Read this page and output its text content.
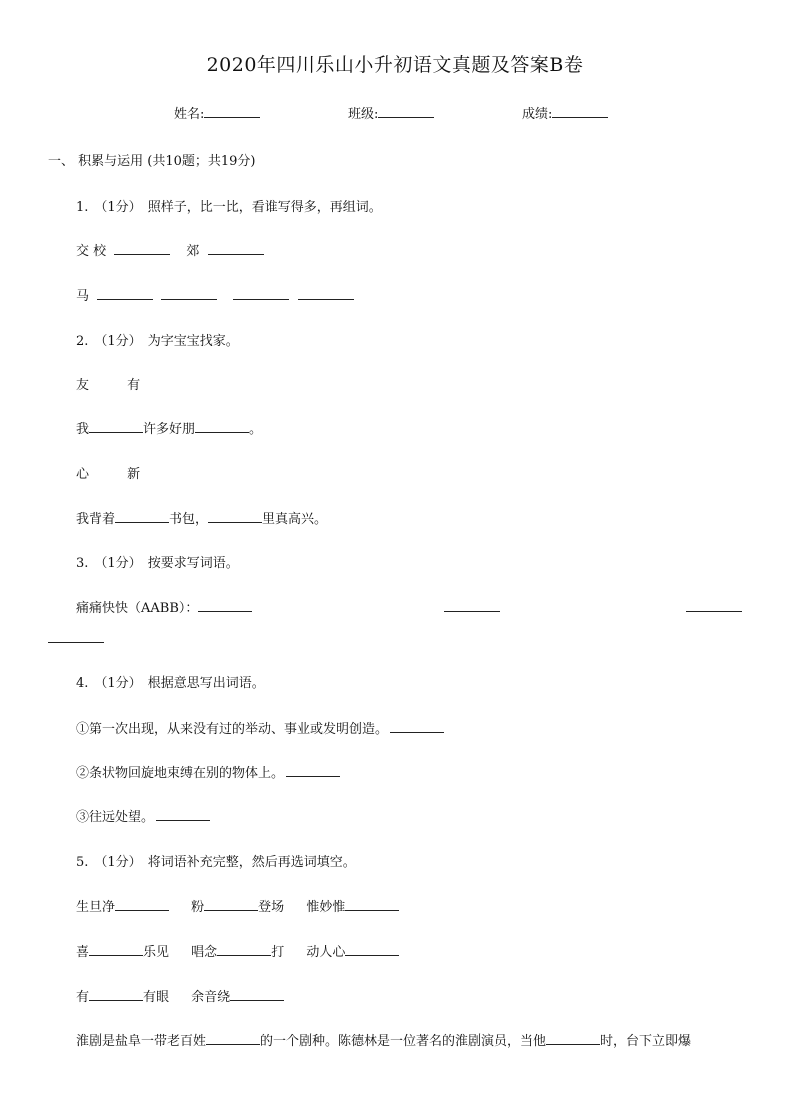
2020年四川乐山小升初语文真题及答案B卷
姓名:	班级:	成绩:
一、 积累与运用 (共10题；共19分)
1. （1分） 照样子，比一比，看谁写得多，再组词。
交 校	郊
马
2. （1分） 为字宝宝找家。
友	有
我	许多好朋	。
心	新
我背着	书包，	里真高兴。
3. （1分） 按要求写词语。
痛痛快快（AABB）：
4. （1分） 根据意思写出词语。
①第一次出现，从来没有过的举动、事业或发明创造。
②条状物回旋地束缚在别的物体上。
③往远处望。
5. （1分） 将词语补充完整，然后再选词填空。
生旦净	粉	登场 惟妙惟
喜	乐见 唱念	打 动人心
有	有眼 余音绕
淮剧是盐阜一带老百姓	的一个剧种。陈德林是一位著名的淮剧演员，当他	时，台下立即爆
